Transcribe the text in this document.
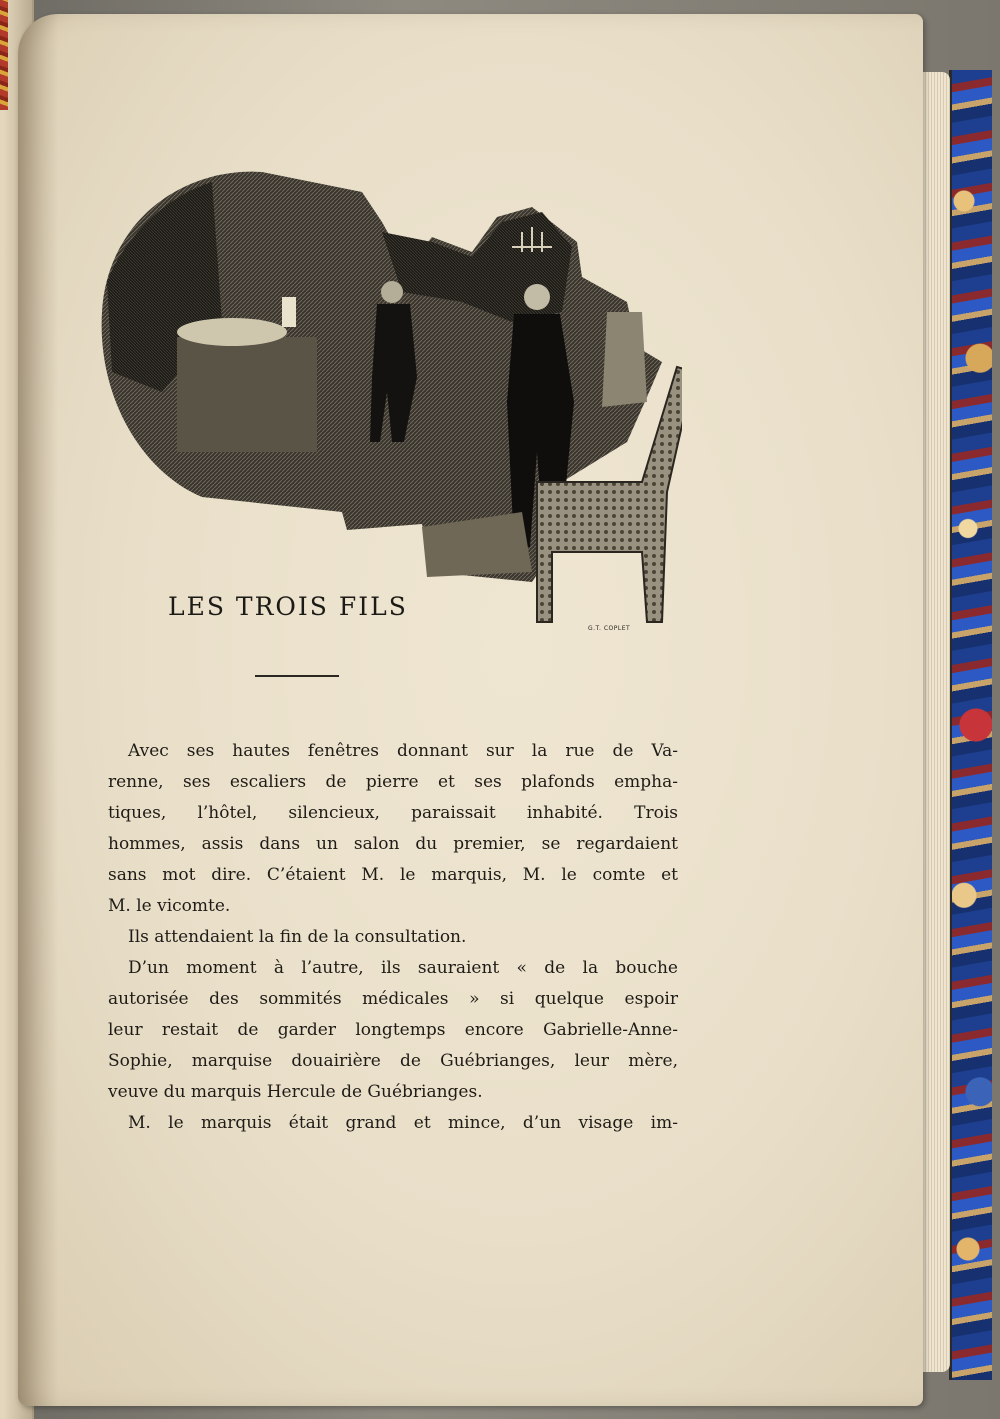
G.T. COPLET
LES TROIS FILS
Avec ses hautes fenêtres donnant sur la rue de Va-
renne, ses escaliers de pierre et ses plafonds empha-
tiques, l’hôtel, silencieux, paraissait inhabité. Trois
hommes, assis dans un salon du premier, se regardaient
sans mot dire. C’étaient M. le marquis, M. le comte et
M. le vicomte.
Ils attendaient la fin de la consultation.
D’un moment à l’autre, ils sauraient « de la bouche
autorisée des sommités médicales » si quelque espoir
leur restait de garder longtemps encore Gabrielle-Anne-
Sophie, marquise douairière de Guébrianges, leur mère,
veuve du marquis Hercule de Guébrianges.
M. le marquis était grand et mince, d’un visage im-
